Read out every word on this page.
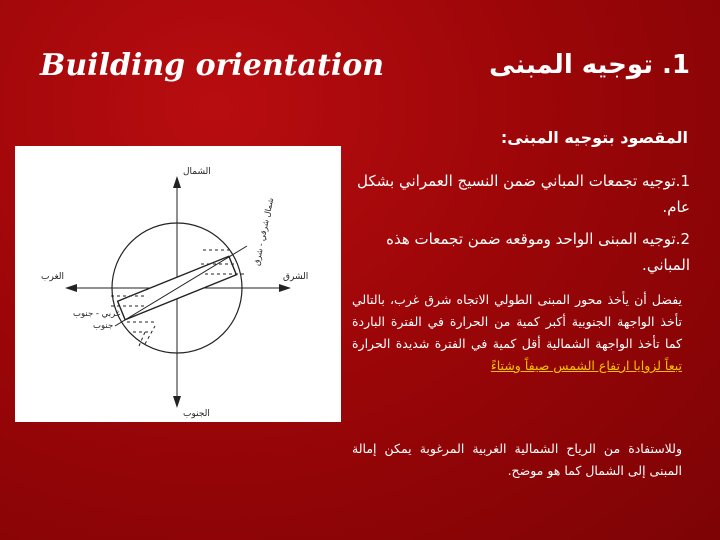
Building orientation	1. توجيه المبنى
الشمال
الجنوب
الشرق
الغرب
شمال شرقي - شرق
غربي - جنوب
جنوب
المقصود بتوجيه المبنى:
1.توجيه تجمعات المباني ضمن النسيج العمراني بشكل عام.
2.توجيه المبنى الواحد وموقعه ضمن تجمعات هذه المباني.
يفضل أن يأخذ محور المبنى الطولي الاتجاه شرق غرب، بالتالي تأخذ الواجهة الجنوبية أكبر كمية من الحرارة في الفترة الباردة كما تأخذ الواجهة الشمالية أقل كمية في الفترة شديدة الحرارة تبعاً لزوايا ارتفاع الشمس صيفاً وشتاءً
وللاستفادة من الرياح الشمالية الغربية المرغوبة يمكن إمالة المبنى إلى الشمال كما هو موضح.
